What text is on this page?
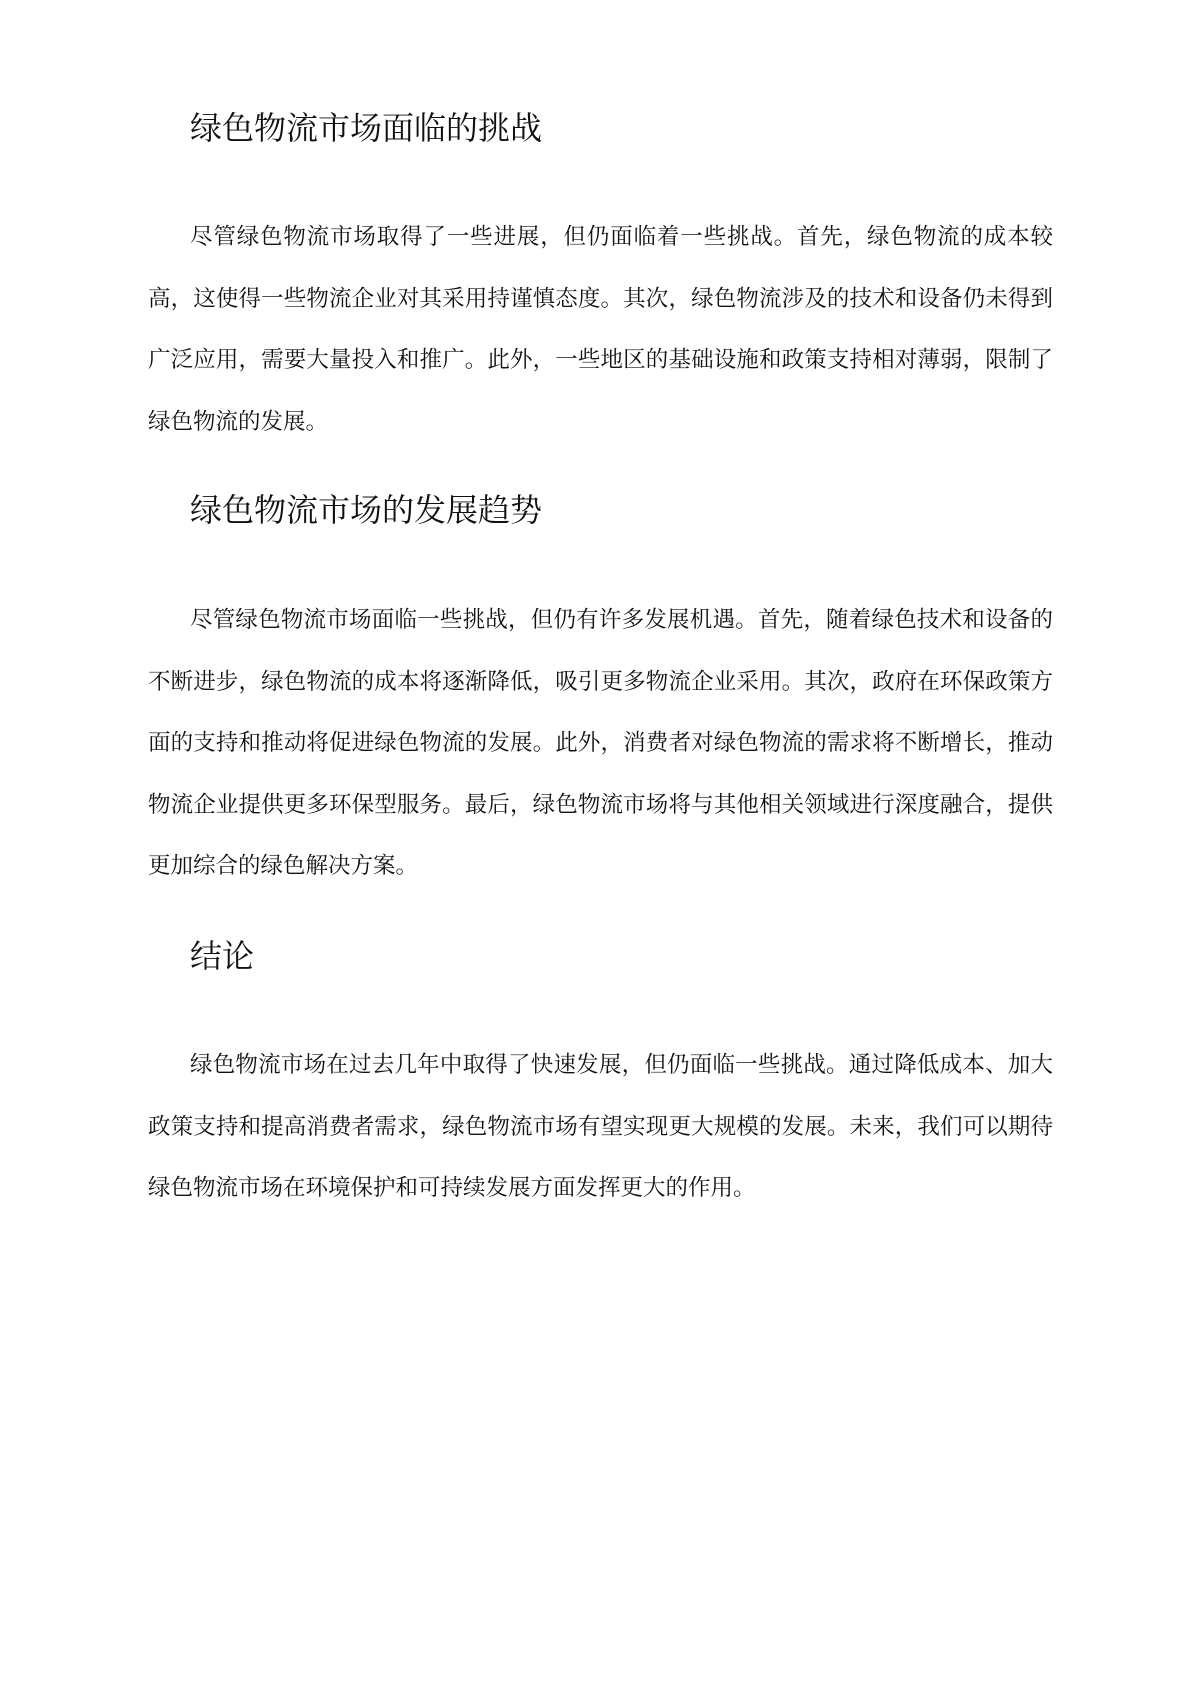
绿色物流市场面临的挑战

尽管绿色物流市场取得了一些进展，但仍面临着一些挑战。首先，绿色物流的成本较高，这使得一些物流企业对其采用持谨慎态度。其次，绿色物流涉及的技术和设备仍未得到广泛应用，需要大量投入和推广。此外，一些地区的基础设施和政策支持相对薄弱，限制了绿色物流的发展。

绿色物流市场的发展趋势

尽管绿色物流市场面临一些挑战，但仍有许多发展机遇。首先，随着绿色技术和设备的不断进步，绿色物流的成本将逐渐降低，吸引更多物流企业采用。其次，政府在环保政策方面的支持和推动将促进绿色物流的发展。此外，消费者对绿色物流的需求将不断增长，推动物流企业提供更多环保型服务。最后，绿色物流市场将与其他相关领域进行深度融合，提供更加综合的绿色解决方案。

结论

绿色物流市场在过去几年中取得了快速发展，但仍面临一些挑战。通过降低成本、加大政策支持和提高消费者需求，绿色物流市场有望实现更大规模的发展。未来，我们可以期待绿色物流市场在环境保护和可持续发展方面发挥更大的作用。
